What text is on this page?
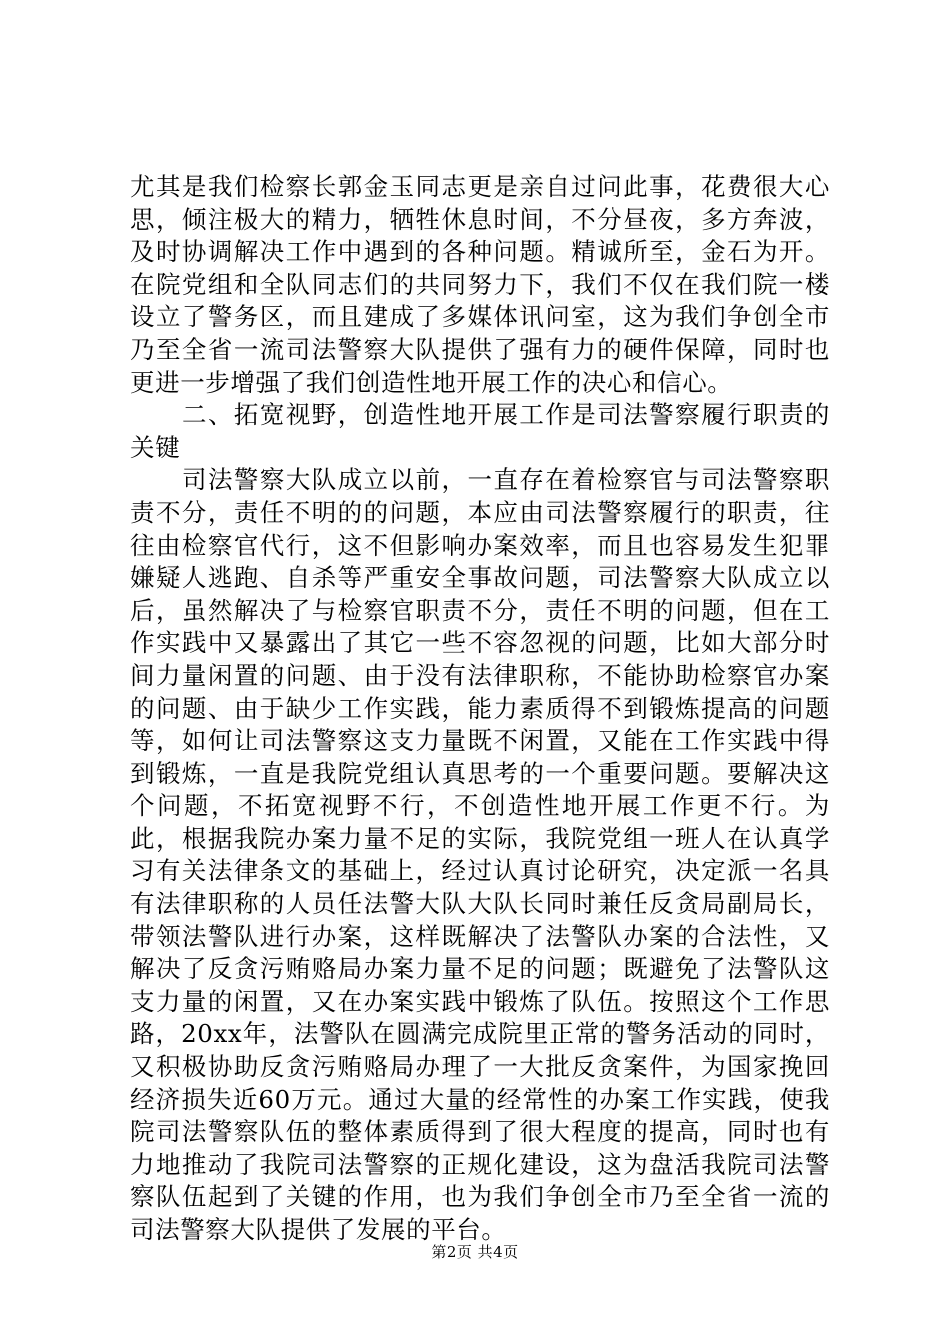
尤其是我们检察长郭金玉同志更是亲自过问此事，花费很大心思，倾注极大的精力，牺牲休息时间，不分昼夜，多方奔波，及时协调解决工作中遇到的各种问题。精诚所至，金石为开。在院党组和全队同志们的共同努力下，我们不仅在我们院一楼设立了警务区，而且建成了多媒体讯问室，这为我们争创全市乃至全省一流司法警察大队提供了强有力的硬件保障，同时也更进一步增强了我们创造性地开展工作的决心和信心。

二、拓宽视野，创造性地开展工作是司法警察履行职责的关键

司法警察大队成立以前，一直存在着检察官与司法警察职责不分，责任不明的的问题，本应由司法警察履行的职责，往往由检察官代行，这不但影响办案效率，而且也容易发生犯罪嫌疑人逃跑、自杀等严重安全事故问题，司法警察大队成立以后，虽然解决了与检察官职责不分，责任不明的问题，但在工作实践中又暴露出了其它一些不容忽视的问题，比如大部分时间力量闲置的问题、由于没有法律职称，不能协助检察官办案的问题、由于缺少工作实践，能力素质得不到锻炼提高的问题等，如何让司法警察这支力量既不闲置，又能在工作实践中得到锻炼，一直是我院党组认真思考的一个重要问题。要解决这个问题，不拓宽视野不行，不创造性地开展工作更不行。为此，根据我院办案力量不足的实际，我院党组一班人在认真学习有关法律条文的基础上，经过认真讨论研究，决定派一名具有法律职称的人员任法警大队大队长同时兼任反贪局副局长，带领法警队进行办案，这样既解决了法警队办案的合法性，又解决了反贪污贿赂局办案力量不足的问题；既避免了法警队这支力量的闲置，又在办案实践中锻炼了队伍。按照这个工作思路，20xx年，法警队在圆满完成院里正常的警务活动的同时，又积极协助反贪污贿赂局办理了一大批反贪案件，为国家挽回经济损失近60万元。通过大量的经常性的办案工作实践，使我院司法警察队伍的整体素质得到了很大程度的提高，同时也有力地推动了我院司法警察的正规化建设，这为盘活我院司法警察队伍起到了关键的作用，也为我们争创全市乃至全省一流的司法警察大队提供了发展的平台。

第2页 共4页
